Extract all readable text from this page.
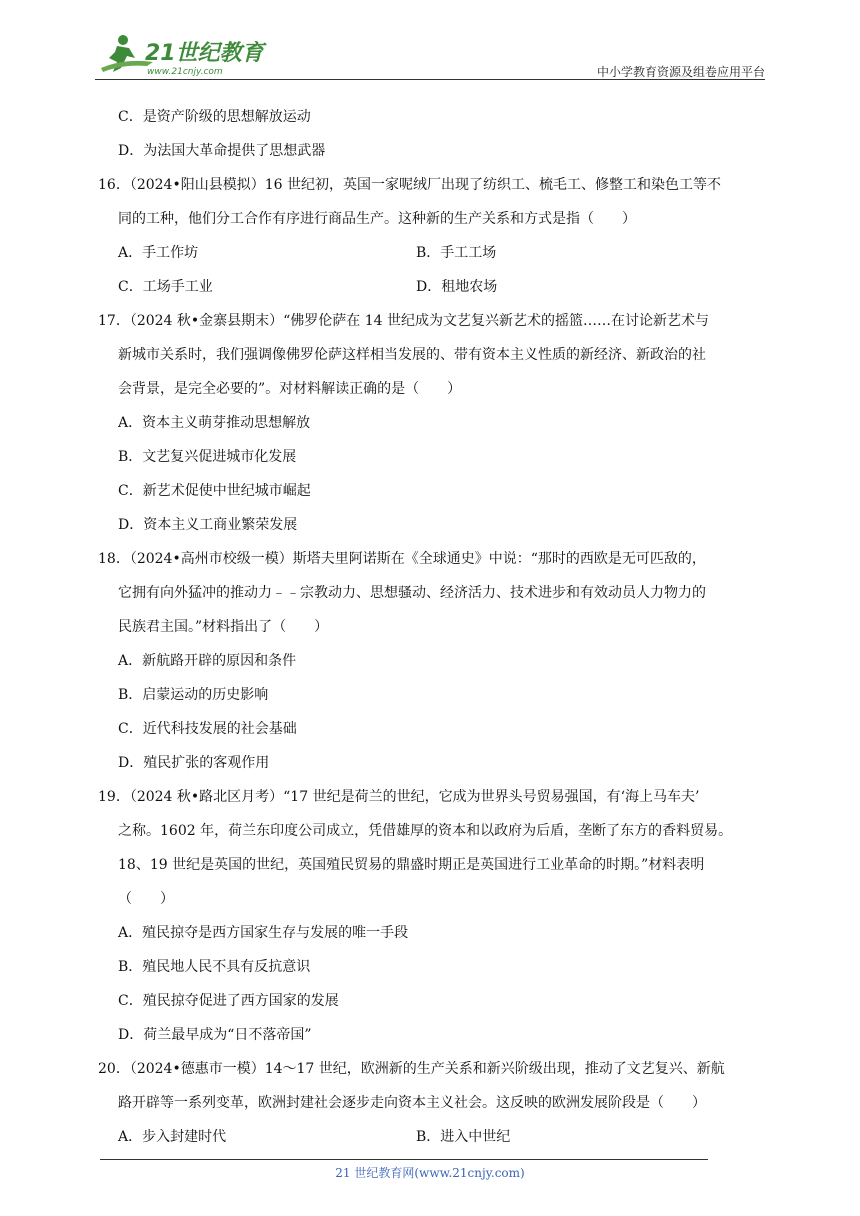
21世纪教育
www.21cnjy.com	中小学教育资源及组卷应用平台
C．是资产阶级的思想解放运动
D．为法国大革命提供了思想武器
16．（2024•阳山县模拟）16 世纪初，英国一家呢绒厂出现了纺织工、梳毛工、修整工和染色工等不
同的工种，他们分工合作有序进行商品生产。这种新的生产关系和方式是指（　　）
A．手工作坊	B．手工工场
C．工场手工业	D．租地农场
17．（2024 秋•金寨县期末）“佛罗伦萨在 14 世纪成为文艺复兴新艺术的摇篮……在讨论新艺术与
新城市关系时，我们强调像佛罗伦萨这样相当发展的、带有资本主义性质的新经济、新政治的社
会背景，是完全必要的”。对材料解读正确的是（　　）
A．资本主义萌芽推动思想解放
B．文艺复兴促进城市化发展
C．新艺术促使中世纪城市崛起
D．资本主义工商业繁荣发展
18．（2024•高州市校级一模）斯塔夫里阿诺斯在《全球通史》中说：“那时的西欧是无可匹敌的，
它拥有向外猛冲的推动力﹣﹣宗教动力、思想骚动、经济活力、技术进步和有效动员人力物力的
民族君主国。”材料指出了（　　）
A．新航路开辟的原因和条件
B．启蒙运动的历史影响
C．近代科技发展的社会基础
D．殖民扩张的客观作用
19．（2024 秋•路北区月考）“17 世纪是荷兰的世纪，它成为世界头号贸易强国，有‘海上马车夫’
之称。1602 年，荷兰东印度公司成立，凭借雄厚的资本和以政府为后盾，垄断了东方的香料贸易。
18、19 世纪是英国的世纪，英国殖民贸易的鼎盛时期正是英国进行工业革命的时期。”材料表明
（　　）
A．殖民掠夺是西方国家生存与发展的唯一手段
B．殖民地人民不具有反抗意识
C．殖民掠夺促进了西方国家的发展
D．荷兰最早成为“日不落帝国”
20．（2024•德惠市一模）14～17 世纪，欧洲新的生产关系和新兴阶级出现，推动了文艺复兴、新航
路开辟等一系列变革，欧洲封建社会逐步走向资本主义社会。这反映的欧洲发展阶段是（　　）
A．步入封建时代	B．进入中世纪
21 世纪教育网(www.21cnjy.com)
